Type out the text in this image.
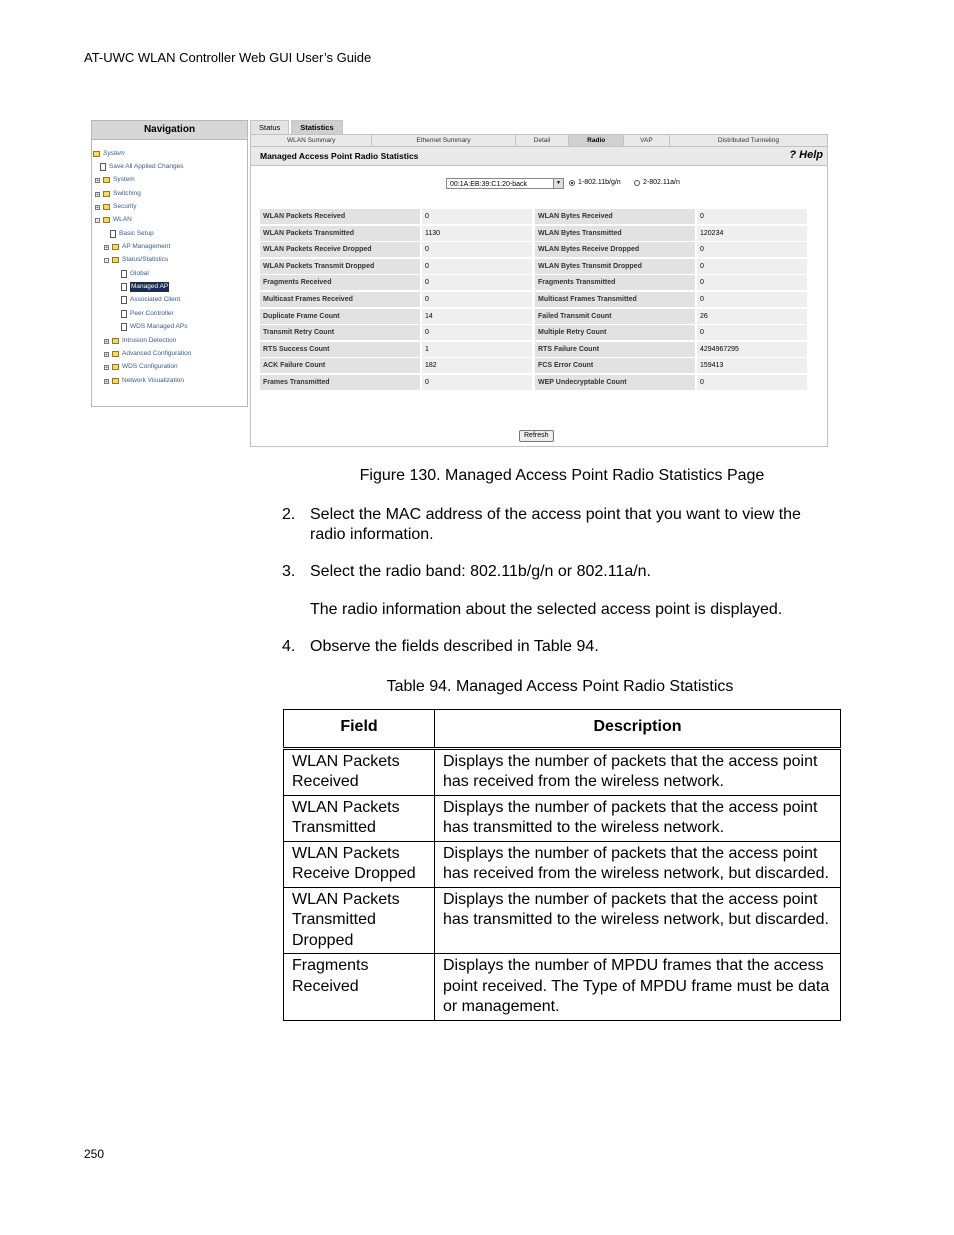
AT-UWC WLAN Controller Web GUI User’s Guide
Navigation
System
Save All Applied Changes
+ System
+ Switching
+ Security
- WLAN
Basic Setup
+ AP Management
- Status/Statistics
Global
Managed AP
Associated Client
Peer Controller
WDS Managed APs
+ Intrusion Detection
+ Advanced Configuration
+ WDS Configuration
+ Network Visualization
Status	Statistics
WLAN Summary	Ethernet Summary	Detail	Radio	VAP	Distributed Tunneling
Managed Access Point Radio Statistics	? Help
00:1A:EB:39:C1:20-back	▼ 1-802.11b/g/n	2-802.11a/n
WLAN Packets Received	0	WLAN Bytes Received	0
WLAN Packets Transmitted	1130	WLAN Bytes Transmitted	120234
WLAN Packets Receive Dropped	0	WLAN Bytes Receive Dropped	0
WLAN Packets Transmit Dropped	0	WLAN Bytes Transmit Dropped	0
Fragments Received	0	Fragments Transmitted	0
Multicast Frames Received	0	Multicast Frames Transmitted	0
Duplicate Frame Count	14	Failed Transmit Count	26
Transmit Retry Count	0	Multiple Retry Count	0
RTS Success Count	1	RTS Failure Count	4294967295
ACK Failure Count	182	FCS Error Count	159413
Frames Transmitted	0	WEP Undecryptable Count	0
Refresh
Figure 130. Managed Access Point Radio Statistics Page
2. Select the MAC address of the access point that you want to view the radio information.
3. Select the radio band: 802.11b/g/n or 802.11a/n.
The radio information about the selected access point is displayed.
4. Observe the fields described in Table 94.
Table 94. Managed Access Point Radio Statistics
Field	Description
WLAN Packets Received	Displays the number of packets that the access point has received from the wireless network.
WLAN Packets Transmitted	Displays the number of packets that the access point has transmitted to the wireless network.
WLAN Packets Receive Dropped	Displays the number of packets that the access point has received from the wireless network, but discarded.
WLAN Packets Transmitted Dropped	Displays the number of packets that the access point has transmitted to the wireless network, but discarded.
Fragments Received	Displays the number of MPDU frames that the access point received. The Type of MPDU frame must be data or management.
250
